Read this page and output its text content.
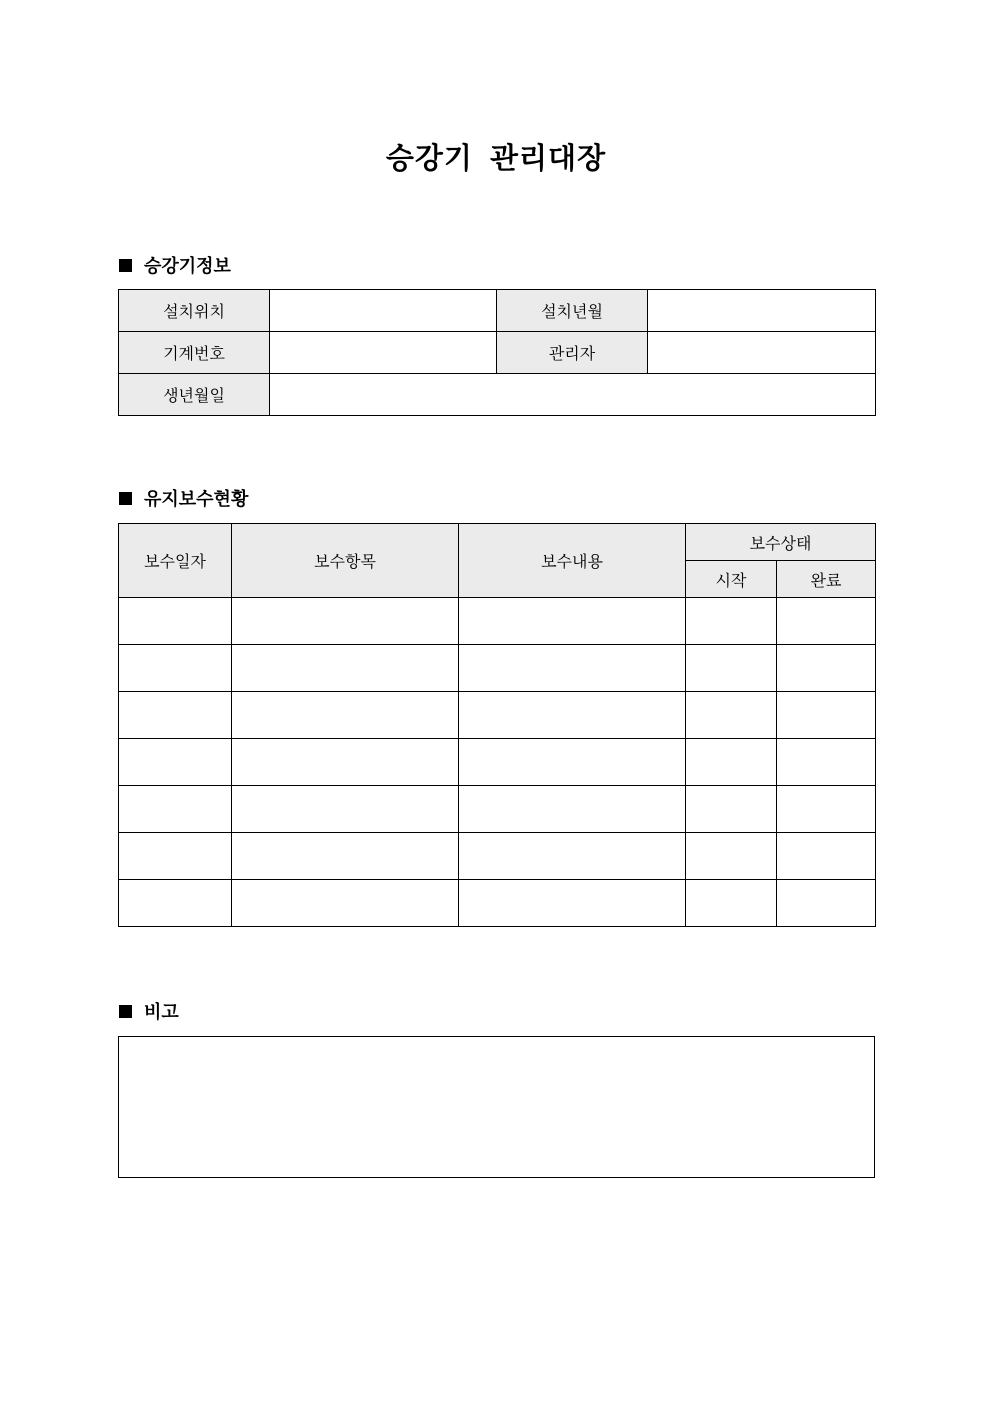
승강기 관리대장
승강기정보
설치위치		설치년월	
기계번호		관리자	
생년월일			
유지보수현황
보수일자	보수항목	보수내용	보수상태	
			시작	완료

비고
